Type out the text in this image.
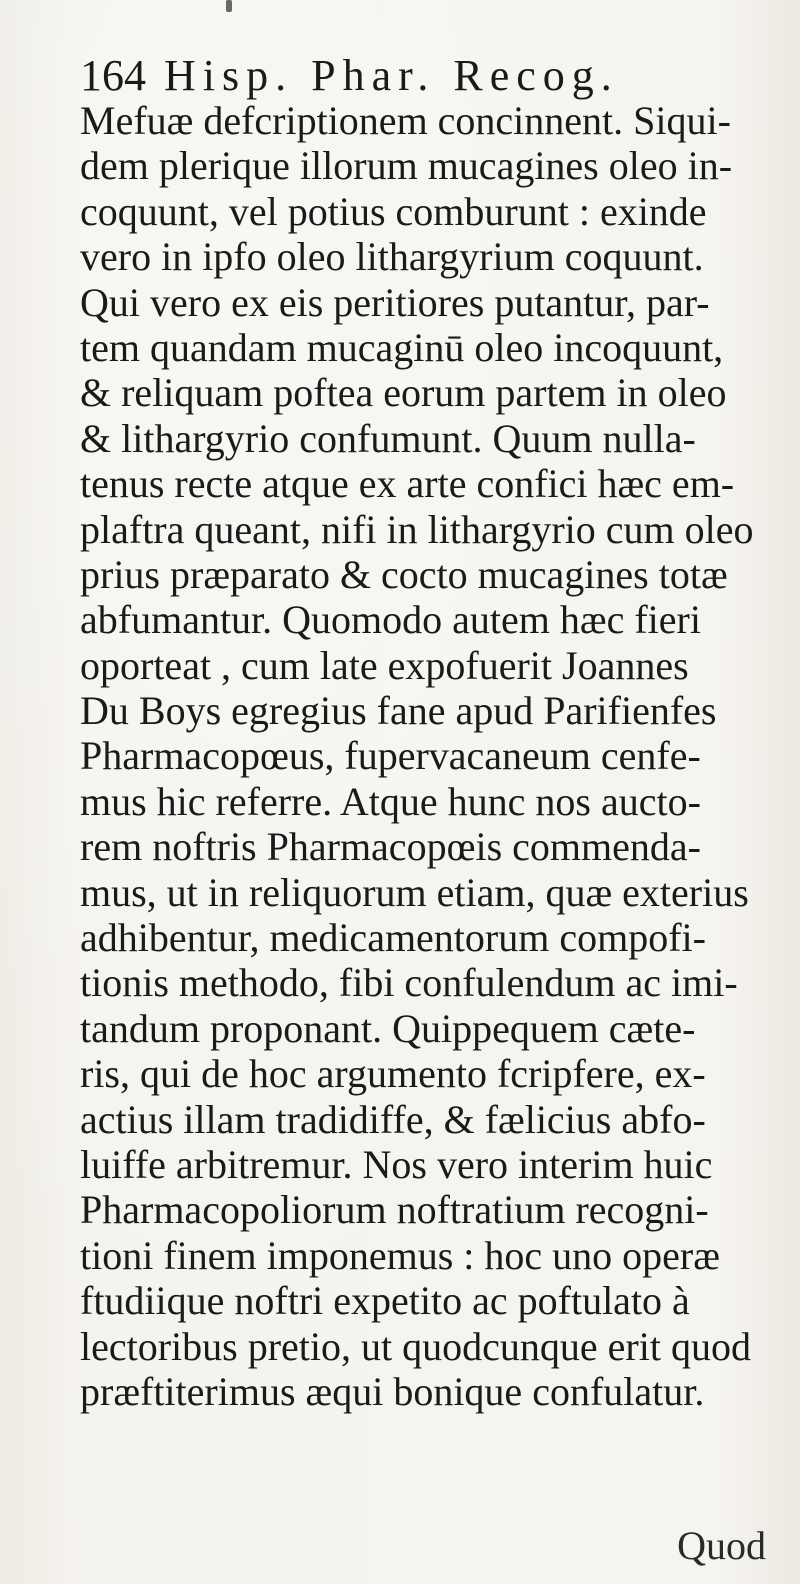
164 Hisp. Phar. Recog.
Mefuæ defcriptionem concinnent. Siqui-
dem plerique illorum mucagines oleo in-
coquunt, vel potius comburunt : exinde
vero in ipfo oleo lithargyrium coquunt.
Qui vero ex eis peritiores putantur, par-
tem quandam mucaginū oleo incoquunt,
& reliquam poftea eorum partem in oleo
& lithargyrio confumunt. Quum nulla-
tenus recte atque ex arte confici hæc em-
plaftra queant, nifi in lithargyrio cum oleo
prius præparato & cocto mucagines totæ
abfumantur. Quomodo autem hæc fieri
oporteat , cum late expofuerit Joannes
Du Boys egregius fane apud Parifienfes
Pharmacopœus, fupervacaneum cenfe-
mus hic referre. Atque hunc nos aucto-
rem noftris Pharmacopœis commenda-
mus, ut in reliquorum etiam, quæ exterius
adhibentur, medicamentorum compofi-
tionis methodo, fibi confulendum ac imi-
tandum proponant. Quippequem cæte-
ris, qui de hoc argumento fcripfere, ex-
actius illam tradidiffe, & fælicius abfo-
luiffe arbitremur. Nos vero interim huic
Pharmacopoliorum noftratium recogni-
tioni finem imponemus : hoc uno operæ
ftudiique noftri expetito ac poftulato à
lectoribus pretio, ut quodcunque erit quod
præftiterimus æqui bonique confulatur.
Quod
